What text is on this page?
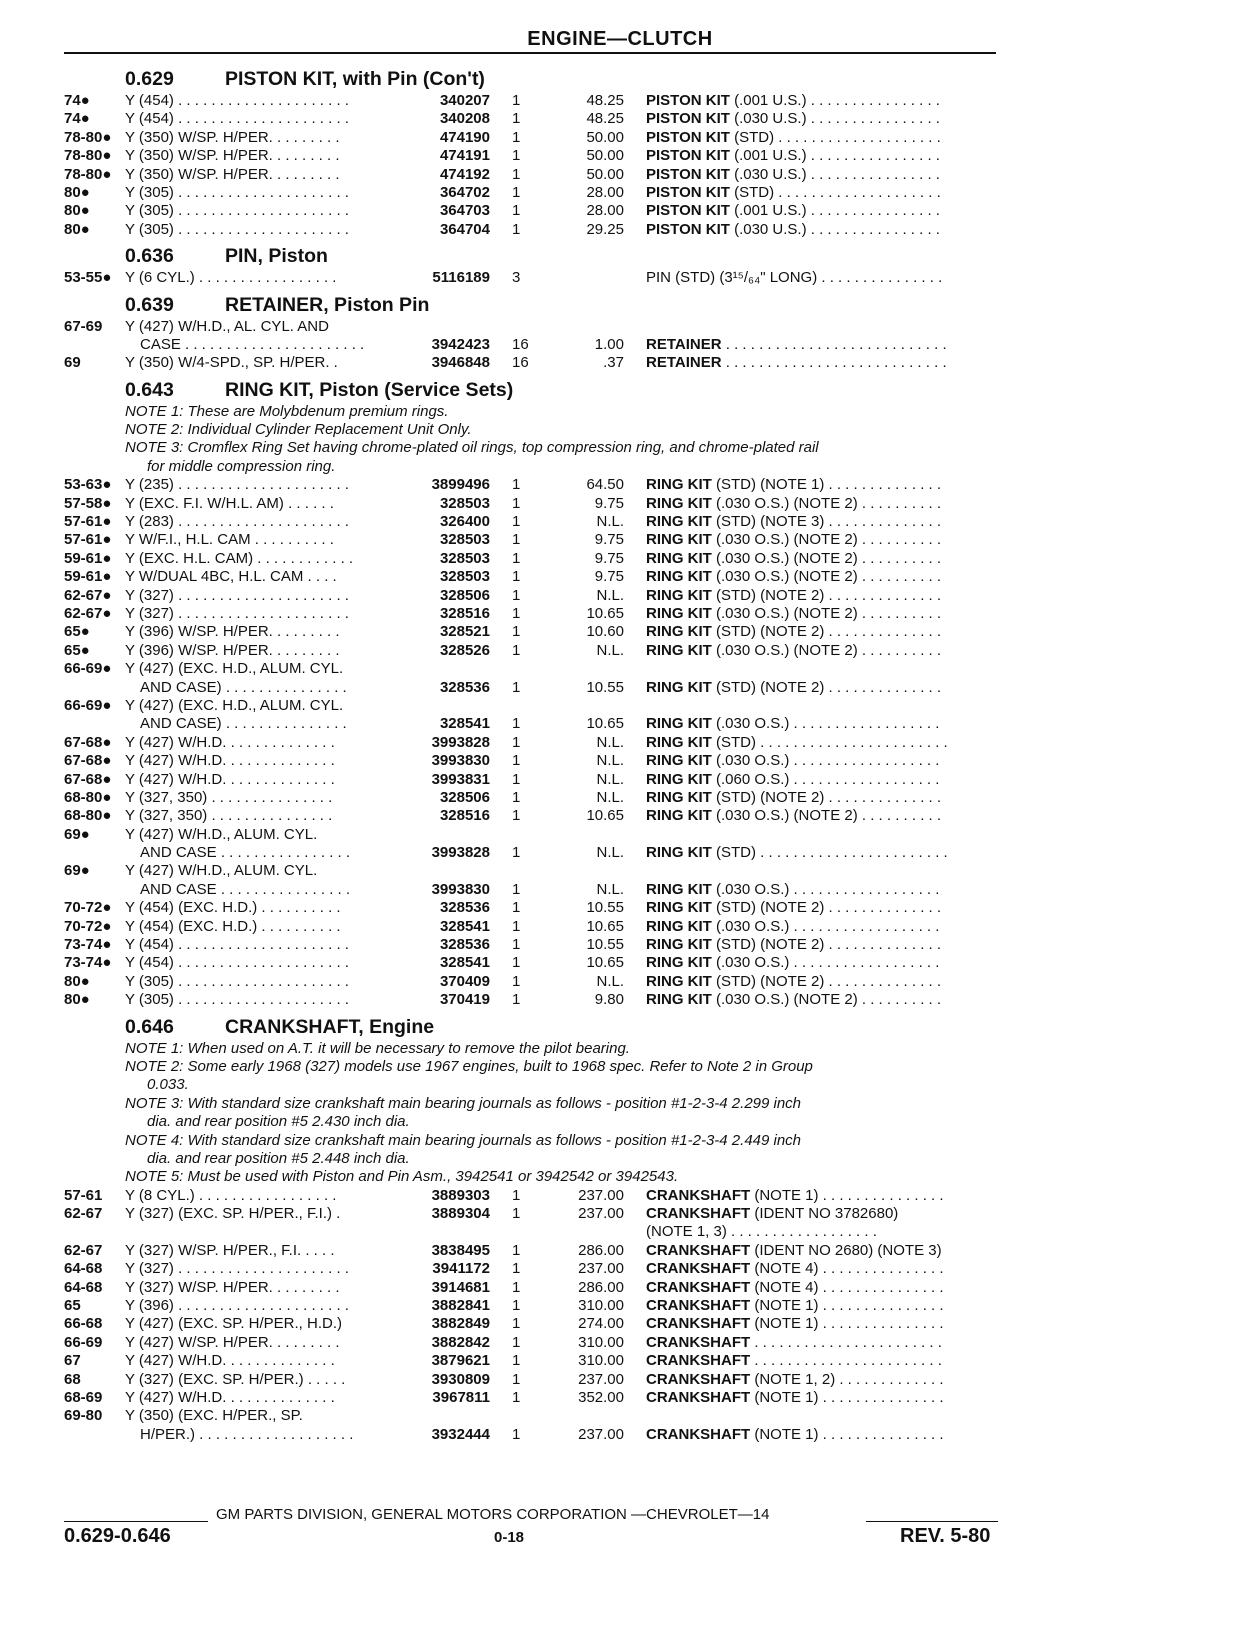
ENGINE—CLUTCH
0.629	PISTON KIT, with Pin (Con't)
74● Y (454) . . . . . . . . . . . . . . . . . . . . .	340207 1	48.25 PISTON KIT (.001 U.S.) . . . . . . . . . . . . . . . .
74● Y (454) . . . . . . . . . . . . . . . . . . . . .	340208 1	48.25 PISTON KIT (.030 U.S.) . . . . . . . . . . . . . . . .
78-80● Y (350) W/SP. H/PER. . . . . . . . .	474190 1	50.00 PISTON KIT (STD) . . . . . . . . . . . . . . . . . . . .
78-80● Y (350) W/SP. H/PER. . . . . . . . .	474191 1	50.00 PISTON KIT (.001 U.S.) . . . . . . . . . . . . . . . .
78-80● Y (350) W/SP. H/PER. . . . . . . . .	474192 1	50.00 PISTON KIT (.030 U.S.) . . . . . . . . . . . . . . . .
80● Y (305) . . . . . . . . . . . . . . . . . . . . .	364702 1	28.00 PISTON KIT (STD) . . . . . . . . . . . . . . . . . . . .
80● Y (305) . . . . . . . . . . . . . . . . . . . . .	364703 1	28.00 PISTON KIT (.001 U.S.) . . . . . . . . . . . . . . . .
80● Y (305) . . . . . . . . . . . . . . . . . . . . .	364704 1	29.25 PISTON KIT (.030 U.S.) . . . . . . . . . . . . . . . .
0.636	PIN, Piston
53-55● Y (6 CYL.) . . . . . . . . . . . . . . . . .	5116189 3	PIN (STD) (3¹⁵/₆₄" LONG) . . . . . . . . . . . . . . .
0.639	RETAINER, Piston Pin
67-69 Y (427) W/H.D., AL. CYL. AND
CASE . . . . . . . . . . . . . . . . . . . . . .	3942423 16	1.00 RETAINER . . . . . . . . . . . . . . . . . . . . . . . . . . .
69	Y (350) W/4-SPD., SP. H/PER. .	3946848 16	.37 RETAINER . . . . . . . . . . . . . . . . . . . . . . . . . . .
0.643	RING KIT, Piston (Service Sets)
NOTE 1: These are Molybdenum premium rings.
NOTE 2: Individual Cylinder Replacement Unit Only.
NOTE 3: Cromflex Ring Set having chrome-plated oil rings, top compression ring, and chrome-plated rail
for middle compression ring.
53-63● Y (235) . . . . . . . . . . . . . . . . . . . . .	3899496 1	64.50 RING KIT (STD) (NOTE 1) . . . . . . . . . . . . . .
57-58● Y (EXC. F.I. W/H.L. AM) . . . . . .	328503 1	9.75 RING KIT (.030 O.S.) (NOTE 2) . . . . . . . . . .
57-61● Y (283) . . . . . . . . . . . . . . . . . . . . .	326400 1	N.L. RING KIT (STD) (NOTE 3) . . . . . . . . . . . . . .
57-61● Y W/F.I., H.L. CAM . . . . . . . . . .	328503 1	9.75 RING KIT (.030 O.S.) (NOTE 2) . . . . . . . . . .
59-61● Y (EXC. H.L. CAM) . . . . . . . . . . . .	328503 1	9.75 RING KIT (.030 O.S.) (NOTE 2) . . . . . . . . . .
59-61● Y W/DUAL 4BC, H.L. CAM . . . .	328503 1	9.75 RING KIT (.030 O.S.) (NOTE 2) . . . . . . . . . .
62-67● Y (327) . . . . . . . . . . . . . . . . . . . . .	328506 1	N.L. RING KIT (STD) (NOTE 2) . . . . . . . . . . . . . .
62-67● Y (327) . . . . . . . . . . . . . . . . . . . . .	328516 1	10.65 RING KIT (.030 O.S.) (NOTE 2) . . . . . . . . . .
65● Y (396) W/SP. H/PER. . . . . . . . .	328521 1	10.60 RING KIT (STD) (NOTE 2) . . . . . . . . . . . . . .
65● Y (396) W/SP. H/PER. . . . . . . . .	328526 1	N.L. RING KIT (.030 O.S.) (NOTE 2) . . . . . . . . . .
66-69● Y (427) (EXC. H.D., ALUM. CYL.
AND CASE) . . . . . . . . . . . . . . .	328536 1	10.55 RING KIT (STD) (NOTE 2) . . . . . . . . . . . . . .
66-69● Y (427) (EXC. H.D., ALUM. CYL.
AND CASE) . . . . . . . . . . . . . . .	328541 1	10.65 RING KIT (.030 O.S.) . . . . . . . . . . . . . . . . . .
67-68● Y (427) W/H.D. . . . . . . . . . . . . .	3993828 1	N.L. RING KIT (STD) . . . . . . . . . . . . . . . . . . . . . . .
67-68● Y (427) W/H.D. . . . . . . . . . . . . .	3993830 1	N.L. RING KIT (.030 O.S.) . . . . . . . . . . . . . . . . . .
67-68● Y (427) W/H.D. . . . . . . . . . . . . .	3993831 1	N.L. RING KIT (.060 O.S.) . . . . . . . . . . . . . . . . . .
68-80● Y (327, 350) . . . . . . . . . . . . . . .	328506 1	N.L. RING KIT (STD) (NOTE 2) . . . . . . . . . . . . . .
68-80● Y (327, 350) . . . . . . . . . . . . . . .	328516 1	10.65 RING KIT (.030 O.S.) (NOTE 2) . . . . . . . . . .
69● Y (427) W/H.D., ALUM. CYL.
AND CASE . . . . . . . . . . . . . . . .	3993828 1	N.L. RING KIT (STD) . . . . . . . . . . . . . . . . . . . . . . .
69● Y (427) W/H.D., ALUM. CYL.
AND CASE . . . . . . . . . . . . . . . .	3993830 1	N.L. RING KIT (.030 O.S.) . . . . . . . . . . . . . . . . . .
70-72● Y (454) (EXC. H.D.) . . . . . . . . . .	328536 1	10.55 RING KIT (STD) (NOTE 2) . . . . . . . . . . . . . .
70-72● Y (454) (EXC. H.D.) . . . . . . . . . .	328541 1	10.65 RING KIT (.030 O.S.) . . . . . . . . . . . . . . . . . .
73-74● Y (454) . . . . . . . . . . . . . . . . . . . . .	328536 1	10.55 RING KIT (STD) (NOTE 2) . . . . . . . . . . . . . .
73-74● Y (454) . . . . . . . . . . . . . . . . . . . . .	328541 1	10.65 RING KIT (.030 O.S.) . . . . . . . . . . . . . . . . . .
80● Y (305) . . . . . . . . . . . . . . . . . . . . .	370409 1	N.L. RING KIT (STD) (NOTE 2) . . . . . . . . . . . . . .
80● Y (305) . . . . . . . . . . . . . . . . . . . . .	370419 1	9.80 RING KIT (.030 O.S.) (NOTE 2) . . . . . . . . . .
0.646	CRANKSHAFT, Engine
NOTE 1: When used on A.T. it will be necessary to remove the pilot bearing.
NOTE 2: Some early 1968 (327) models use 1967 engines, built to 1968 spec. Refer to Note 2 in Group
0.033.
NOTE 3: With standard size crankshaft main bearing journals as follows - position #1-2-3-4 2.299 inch
dia. and rear position #5 2.430 inch dia.
NOTE 4: With standard size crankshaft main bearing journals as follows - position #1-2-3-4 2.449 inch
dia. and rear position #5 2.448 inch dia.
NOTE 5: Must be used with Piston and Pin Asm., 3942541 or 3942542 or 3942543.
57-61 Y (8 CYL.) . . . . . . . . . . . . . . . . .	3889303 1	237.00 CRANKSHAFT (NOTE 1) . . . . . . . . . . . . . . .
62-67 Y (327) (EXC. SP. H/PER., F.I.) .	3889304 1	237.00 CRANKSHAFT (IDENT NO 3782680)
(NOTE 1, 3) . . . . . . . . . . . . . . . . . .
62-67 Y (327) W/SP. H/PER., F.I. . . . .	3838495 1	286.00 CRANKSHAFT (IDENT NO 2680) (NOTE 3)
64-68 Y (327) . . . . . . . . . . . . . . . . . . . . .	3941172 1	237.00 CRANKSHAFT (NOTE 4) . . . . . . . . . . . . . . .
64-68 Y (327) W/SP. H/PER. . . . . . . . .	3914681 1	286.00 CRANKSHAFT (NOTE 4) . . . . . . . . . . . . . . .
65	Y (396) . . . . . . . . . . . . . . . . . . . . .	3882841 1	310.00 CRANKSHAFT (NOTE 1) . . . . . . . . . . . . . . .
66-68 Y (427) (EXC. SP. H/PER., H.D.)	3882849 1	274.00 CRANKSHAFT (NOTE 1) . . . . . . . . . . . . . . .
66-69 Y (427) W/SP. H/PER. . . . . . . . .	3882842 1	310.00 CRANKSHAFT . . . . . . . . . . . . . . . . . . . . . . .
67	Y (427) W/H.D. . . . . . . . . . . . . .	3879621 1	310.00 CRANKSHAFT . . . . . . . . . . . . . . . . . . . . . . .
68	Y (327) (EXC. SP. H/PER.) . . . . .	3930809 1	237.00 CRANKSHAFT (NOTE 1, 2) . . . . . . . . . . . . .
68-69 Y (427) W/H.D. . . . . . . . . . . . . .	3967811 1	352.00 CRANKSHAFT (NOTE 1) . . . . . . . . . . . . . . .
69-80 Y (350) (EXC. H/PER., SP.
H/PER.) . . . . . . . . . . . . . . . . . . .	3932444 1	237.00 CRANKSHAFT (NOTE 1) . . . . . . . . . . . . . . .
GM PARTS DIVISION, GENERAL MOTORS CORPORATION —CHEVROLET—14
0.629-0.646	0-18	REV. 5-80
